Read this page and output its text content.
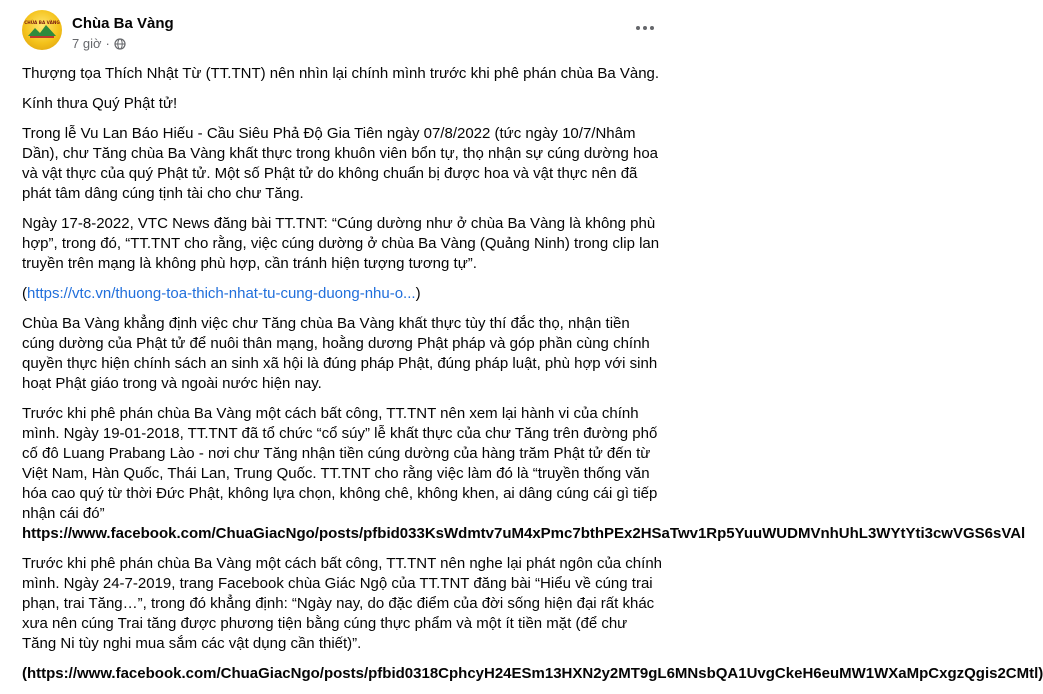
CHÙA BA VÀNG Chùa Ba Vàng
7 giờ ·

Thượng tọa Thích Nhật Từ (TT.TNT) nên nhìn lại chính mình trước khi phê phán chùa Ba Vàng.

Kính thưa Quý Phật tử!

Trong lễ Vu Lan Báo Hiếu - Cầu Siêu Phả Độ Gia Tiên ngày 07/8/2022 (tức ngày 10/7/Nhâm Dần), chư Tăng chùa Ba Vàng khất thực trong khuôn viên bổn tự, thọ nhận sự cúng dường hoa và vật thực của quý Phật tử. Một số Phật tử do không chuẩn bị được hoa và vật thực nên đã phát tâm dâng cúng tịnh tài cho chư Tăng.

Ngày 17-8-2022, VTC News đăng bài TT.TNT: “Cúng dường như ở chùa Ba Vàng là không phù hợp”, trong đó, “TT.TNT cho rằng, việc cúng dường ở chùa Ba Vàng (Quảng Ninh) trong clip lan truyền trên mạng là không phù hợp, cần tránh hiện tượng tương tự”.

(https://vtc.vn/thuong-toa-thich-nhat-tu-cung-duong-nhu-o...)

Chùa Ba Vàng khẳng định việc chư Tăng chùa Ba Vàng khất thực tùy thí đắc thọ, nhận tiền cúng dường của Phật tử để nuôi thân mạng, hoằng dương Phật pháp và góp phần cùng chính quyền thực hiện chính sách an sinh xã hội là đúng pháp Phật, đúng pháp luật, phù hợp với sinh hoạt Phật giáo trong và ngoài nước hiện nay.

Trước khi phê phán chùa Ba Vàng một cách bất công, TT.TNT nên xem lại hành vi của chính mình. Ngày 19-01-2018, TT.TNT đã tổ chức “cổ súy” lễ khất thực của chư Tăng trên đường phố cố đô Luang Prabang Lào - nơi chư Tăng nhận tiền cúng dường của hàng trăm Phật tử đến từ Việt Nam, Hàn Quốc, Thái Lan, Trung Quốc. TT.TNT cho rằng việc làm đó là “truyền thống văn hóa cao quý từ thời Đức Phật, không lựa chọn, không chê, không khen, ai dâng cúng cái gì tiếp nhận cái đó”
https://www.facebook.com/ChuaGiacNgo/posts/pfbid033KsWdmtv7uM4xPmc7bthPEx2HSaTwv1Rp5YuuWUDMVnhUhL3WYtYti3cwVGS6sVAl

Trước khi phê phán chùa Ba Vàng một cách bất công, TT.TNT nên nghe lại phát ngôn của chính mình. Ngày 24-7-2019, trang Facebook chùa Giác Ngộ của TT.TNT đăng bài “Hiểu về cúng trai phạn, trai Tăng…”, trong đó khẳng định: “Ngày nay, do đặc điểm của đời sống hiện đại rất khác xưa nên cúng Trai tăng được phương tiện bằng cúng thực phẩm và một ít tiền mặt (để chư Tăng Ni tùy nghi mua sắm các vật dụng cần thiết)”.

(https://www.facebook.com/ChuaGiacNgo/posts/pfbid0318CphcyH24ESm13HXN2y2MT9gL6MNsbQA1UvgCkeH6euMW1WXaMpCxgzQgis2CMtl)
